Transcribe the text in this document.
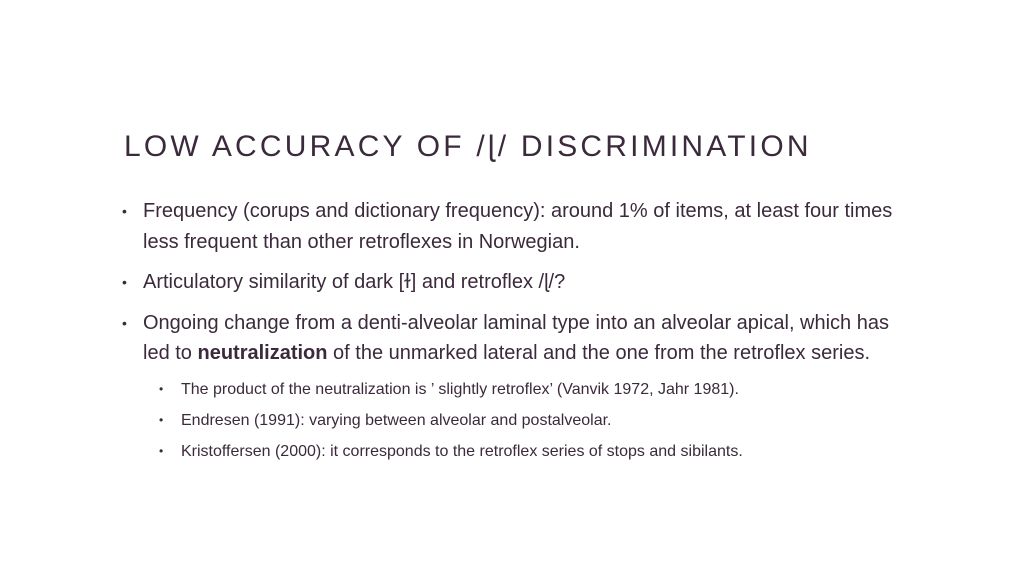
LOW ACCURACY OF /ɭ/ DISCRIMINATION
• Frequency (corups and dictionary frequency): around 1% of items, at least four times less frequent than other retroflexes in Norwegian.
• Articulatory similarity of dark [ɫ] and retroflex /ɭ/?
• Ongoing change from a denti-alveolar laminal type into an alveolar apical, which has led to neutralization of the unmarked lateral and the one from the retroflex series.
•	The product of the neutralization is ’ slightly retroflex’ (Vanvik 1972, Jahr 1981).
•	Endresen (1991): varying between alveolar and postalveolar.
•	Kristoffersen (2000): it corresponds to the retroflex series of stops and sibilants.
